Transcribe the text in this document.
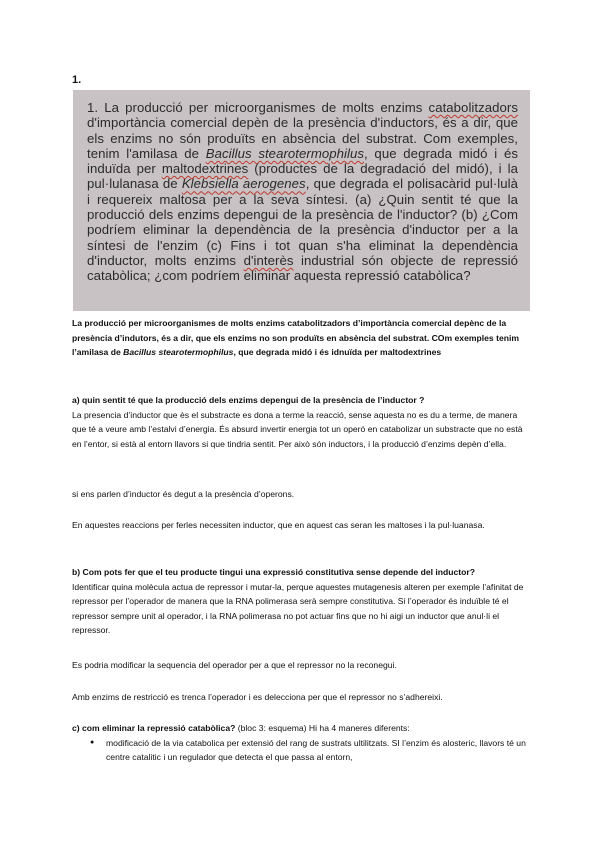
1.

1. La producció per microorganismes de molts enzims catabolitzadors d'importància comercial depèn de la presència d'inductors, és a dir, que els enzims no són produïts en absència del substrat. Com exemples, tenim l'amilasa de Bacillus stearotermophilus, que degrada midó i és induïda per maltodextrines (productes de la degradació del midó), i la pul·lulanasa de Klebsiella aerogenes, que degrada el polisacàrid pul·lulà i requereix maltosa per a la seva síntesi. (a) ¿Quin sentit té que la producció dels enzims depengui de la presència de l'inductor? (b) ¿Com podríem eliminar la dependència de la presència d'inductor per a la síntesi de l'enzim (c) Fins i tot quan s'ha eliminat la dependència d'inductor, molts enzims d'interès industrial són objecte de repressió catabòlica; ¿com podríem eliminar aquesta repressió catabòlica?

La producció per microorganismes de molts enzims catabolitzadors d’importància comercial depènc de la presència d’indutors, és a dir, que els enzims no son produïts en absència del substrat. COm exemples tenim l’amilasa de Bacillus stearotermophilus, que degrada midó i és idnuïda per maltodextrines

a) quin sentit té que la producció dels enzims depengui de la presència de l’inductor ?

La presencia d’inductor que ès el substracte es dona a terme la reacció, sense aquesta no es du a terme, de manera que té a veure amb l’estalvi d’energia. És absurd invertir energia tot un operó en catabolizar un substracte que no està en l’entor, si està al entorn llavors si que tindria sentit. Per això són inductors, i la producció d’enzims depèn d’ella.

si ens parlen d’inductor és degut a la presència d’operons.

En aquestes reaccions per ferles necessiten inductor, que en aquest cas seran les maltoses i la pul·luanasa.

b) Com pots fer que el teu producte tingui una expressió constitutiva sense depende del inductor?

Identificar quina molècula actua de repressor i mutar-la, perque aquestes mutagenesis alteren per exemple l’afinitat de repressor per l’operador de manera que la RNA polimerasa serà sempre constitutiva. Si l’operador és induïble té el repressor sempre unit al operador, i la RNA polimerasa no pot actuar fins que no hi aigi un inductor que anul·li el repressor.

Es podria modificar la sequencia del operador per a que el repressor no la reconegui.

Amb enzims de restricció es trenca l’operador i es delecciona per que el repressor no s’adhereixi.

c) com eliminar la repressió catabòlica? (bloc 3: esquema) Hi ha 4 maneres diferents:

● modificació de la via catabolica per extensió del rang de sustrats ultilitzats. SI l’enzim és alosteric, llavors té un centre catalitic i un regulador que detecta el que passa al entorn,
